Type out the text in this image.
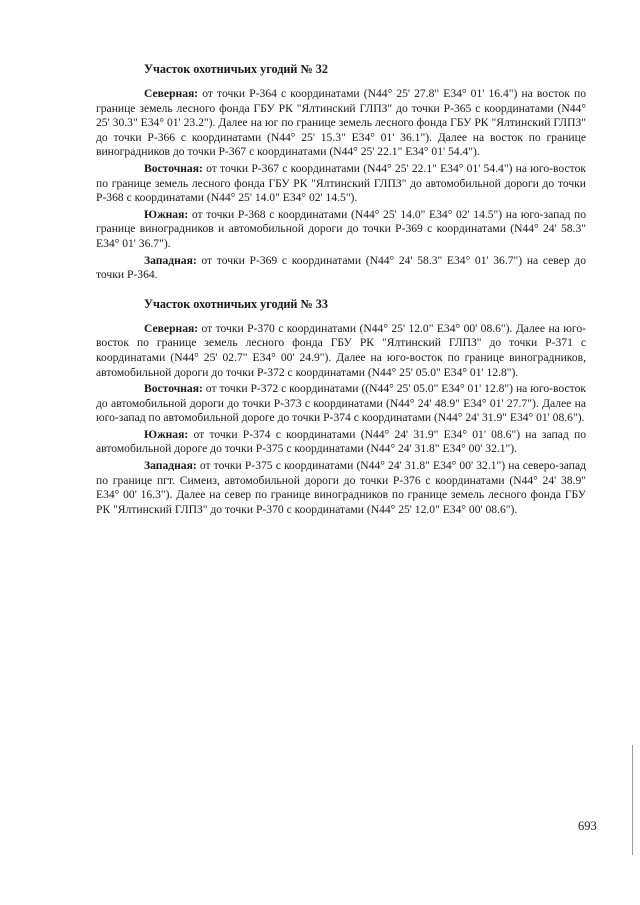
Участок охотничьих угодий № 32

Северная: от точки Р-364 с координатами (N44° 25' 27.8" E34° 01' 16.4") на восток по границе земель лесного фонда ГБУ РК "Ялтинский ГЛПЗ" до точки Р-365 с координатами (N44° 25' 30.3" E34° 01' 23.2"). Далее на юг по границе земель лесного фонда ГБУ РК "Ялтинский ГЛПЗ" до точки Р-366 с координатами (N44° 25' 15.3" E34° 01' 36.1"). Далее на восток по границе виноградников до точки Р-367 с координатами (N44° 25' 22.1" E34° 01' 54.4").

Восточная: от точки Р-367 с координатами (N44° 25' 22.1" E34° 01' 54.4") на юго-восток по границе земель лесного фонда ГБУ РК "Ялтинский ГЛПЗ" до автомобильной дороги до точки Р-368 с координатами (N44° 25' 14.0" E34° 02' 14.5").

Южная: от точки Р-368 с координатами (N44° 25' 14.0" E34° 02' 14.5") на юго-запад по границе виноградников и автомобильной дороги до точки Р-369 с координатами (N44° 24' 58.3" E34° 01' 36.7").

Западная: от точки Р-369 с координатами (N44° 24' 58.3" E34° 01' 36.7") на север до точки Р-364.

Участок охотничьих угодий № 33

Северная: от точки Р-370 с координатами (N44° 25' 12.0" E34° 00' 08.6"). Далее на юго-восток по границе земель лесного фонда ГБУ РК "Ялтинский ГЛПЗ" до точки Р-371 с координатами (N44° 25' 02.7" E34° 00' 24.9"). Далее на юго-восток по границе виноградников, автомобильной дороги до точки Р-372 с координатами (N44° 25' 05.0" E34° 01' 12.8").

Восточная: от точки Р-372 с координатами ((N44° 25' 05.0" E34° 01' 12.8") на юго-восток до автомобильной дороги до точки Р-373 с координатами (N44° 24' 48.9" E34° 01' 27.7"). Далее на юго-запад по автомобильной дороге до точки Р-374 с координатами (N44° 24' 31.9" E34° 01' 08.6").

Южная: от точки Р-374 с координатами (N44° 24' 31.9" E34° 01' 08.6") на запад по автомобильной дороге до точки Р-375 с координатами (N44° 24' 31.8" E34° 00' 32.1").

Западная: от точки Р-375 с координатами (N44° 24' 31.8" E34° 00' 32.1") на северо-запад по границе пгт. Симеиз, автомобильной дороги до точки Р-376 с координатами (N44° 24' 38.9" E34° 00' 16.3"). Далее на север по границе виноградников по границе земель лесного фонда ГБУ РК "Ялтинский ГЛПЗ" до точки Р-370 с координатами (N44° 25' 12.0" E34° 00' 08.6").

693
